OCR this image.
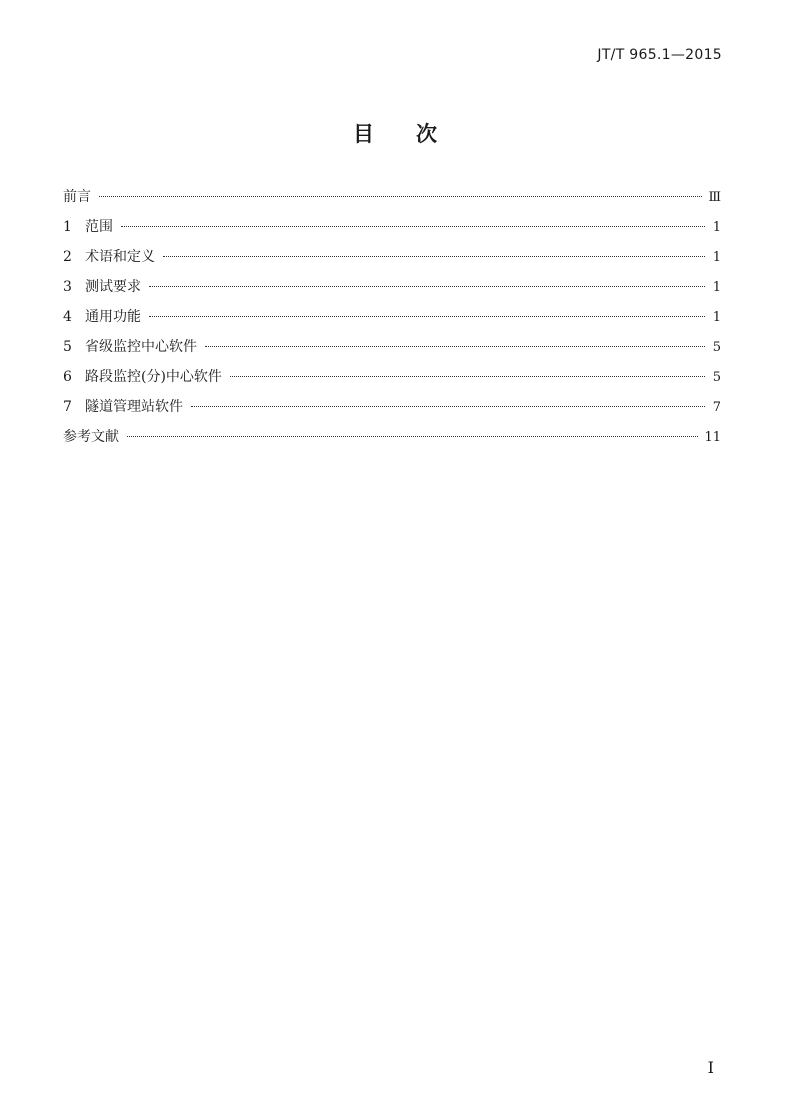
JT/T 965.1—2015
目 次
前言	Ⅲ
1 范围	1
2 术语和定义	1
3 测试要求	1
4 通用功能	1
5 省级监控中心软件	5
6 路段监控(分)中心软件	5
7 隧道管理站软件	7
参考文献	11
I
